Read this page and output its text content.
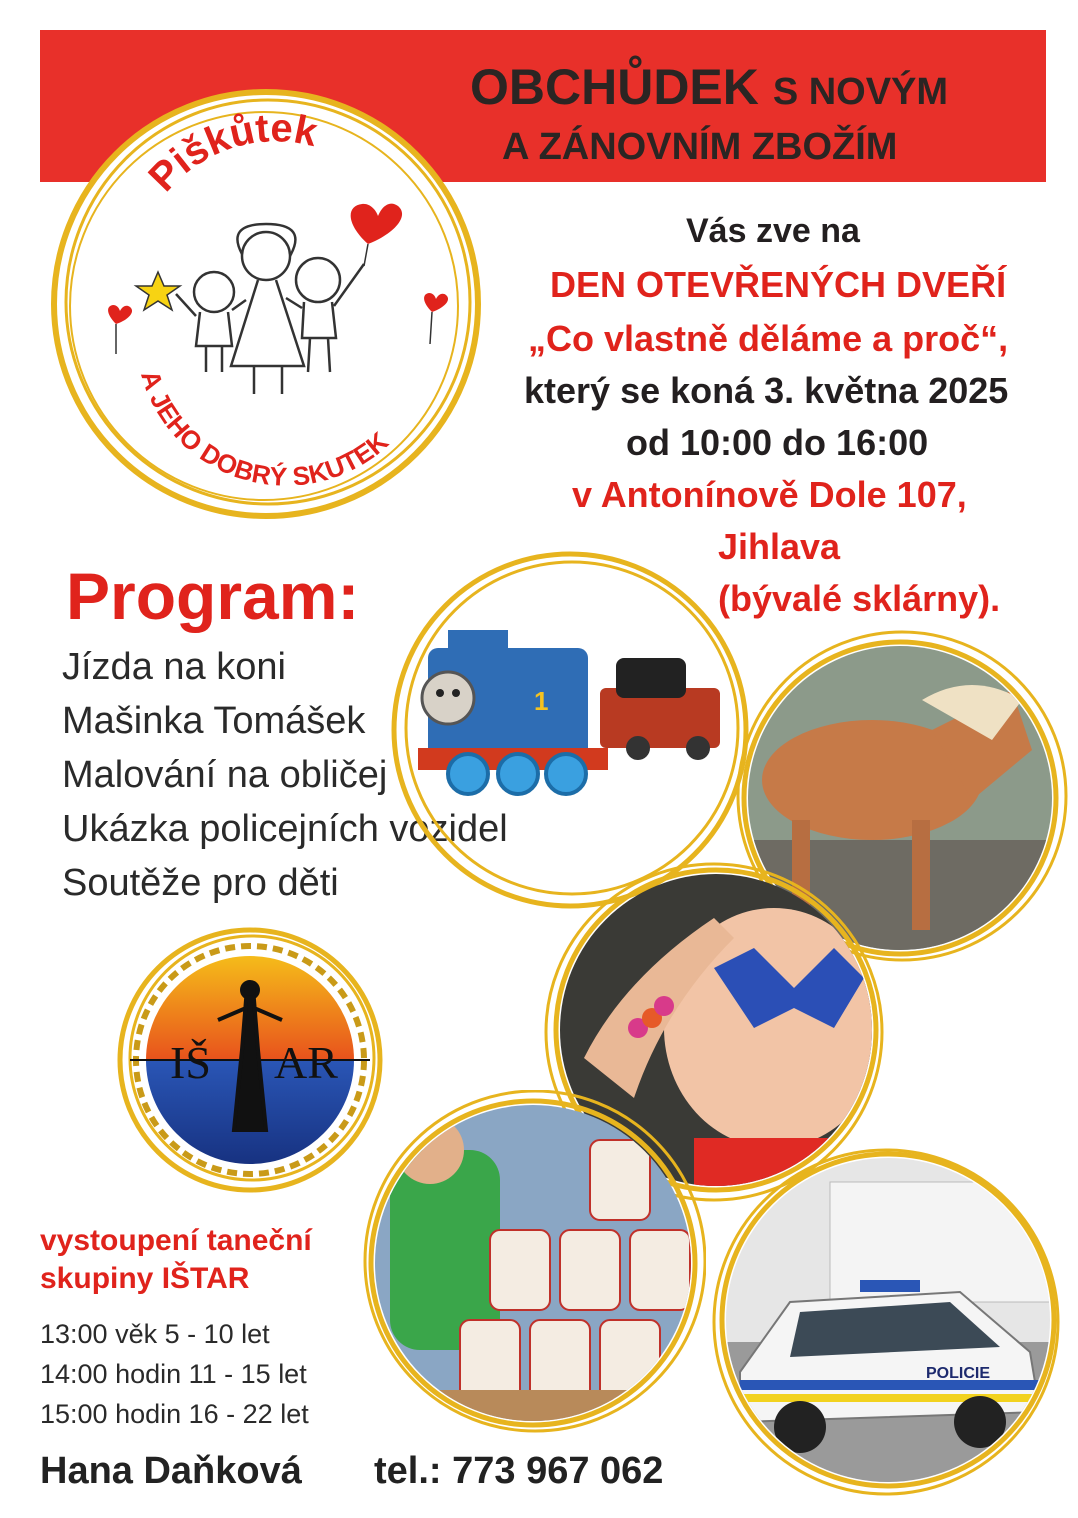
OBCHŮDEK S NOVÝM
A ZÁNOVNÍM ZBOŽÍM
Piškůtek
A JEHO DOBRÝ SKUTEK
Vás zve na
DEN OTEVŘENÝCH DVEŘÍ
„Co vlastně děláme a proč“,
který se koná 3. května 2025
od 10:00 do 16:00
v Antonínově Dole 107,
Jihlava
(bývalé sklárny).
Program:
Jízda na koni
Mašinka Tomášek
Malování na obličej
Ukázka policejních vozidel
Soutěže pro děti
1
POLICIE
IŠ AR
vystoupení taneční
skupiny IŠTAR
13:00 věk 5 - 10 let
14:00 hodin 11 - 15 let
15:00 hodin 16 - 22 let
Hana Daňková tel.: 773 967 062
